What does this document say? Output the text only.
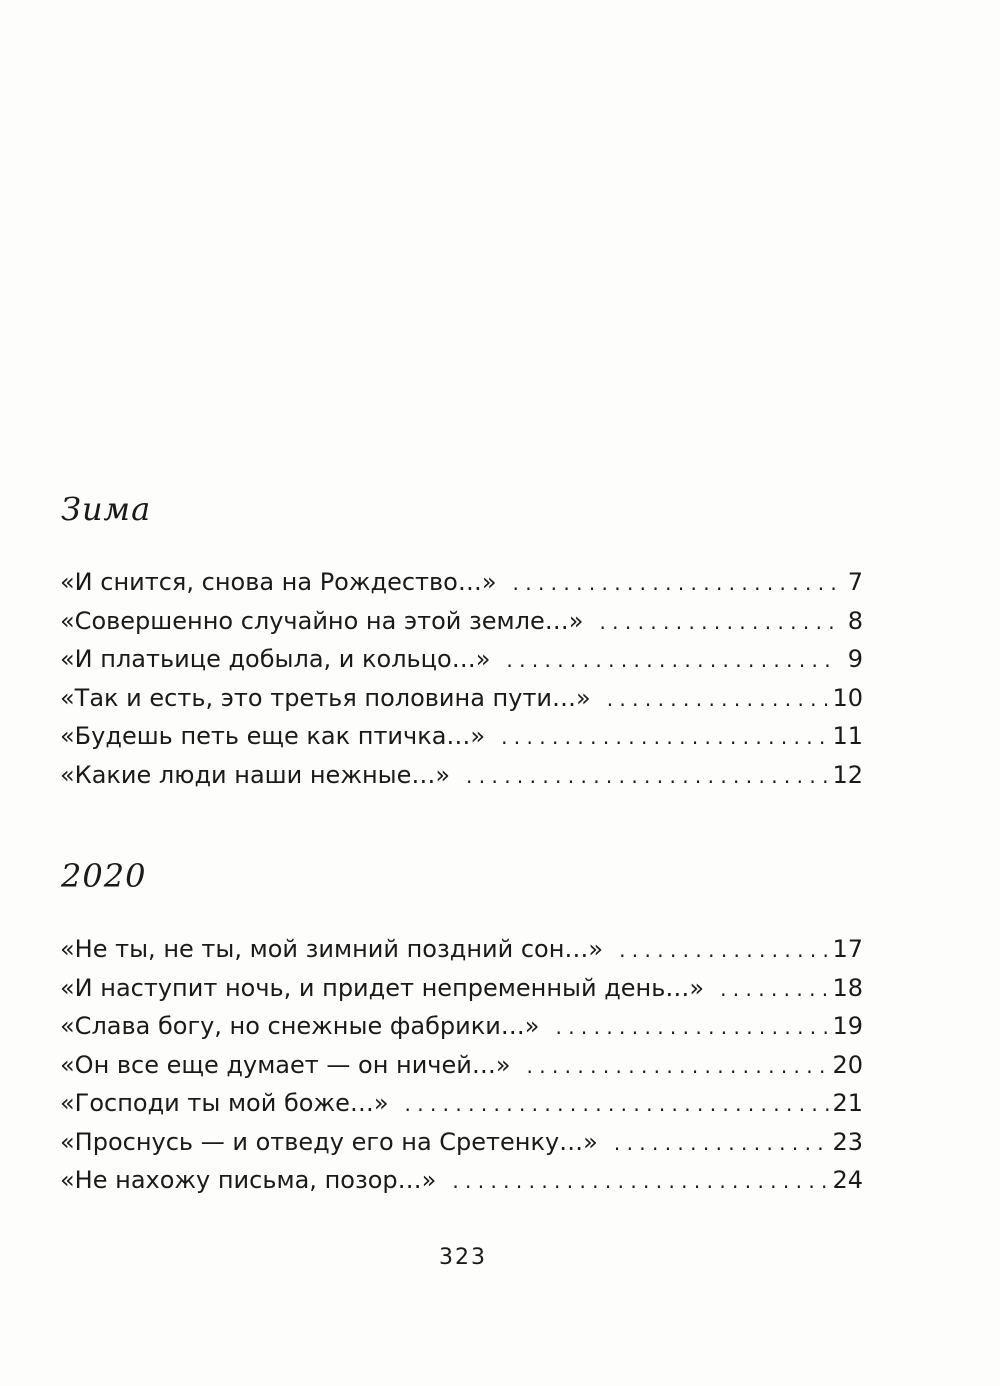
Зима
«И снится, снова на Рождество…» . . .	7
«Совершенно случайно на этой земле…» . . .	8
«И платьице добыла, и кольцо…» . . .	9
«Так и есть, это третья половина пути…» . . .	10
«Будешь петь еще как птичка…» . . .	11
«Какие люди наши нежные…» . . .	12
2020
«Не ты, не ты, мой зимний поздний сон…» . . .	17
«И наступит ночь, и придет непременный день…» . . .	18
«Слава богу, но снежные фабрики…» . . .	19
«Он все еще думает — он ничей…» . . .	20
«Господи ты мой боже…» . . .	21
«Проснусь — и отведу его на Сретенку…» . . .	23
«Не нахожу письма, позор…» . . .	24
323
